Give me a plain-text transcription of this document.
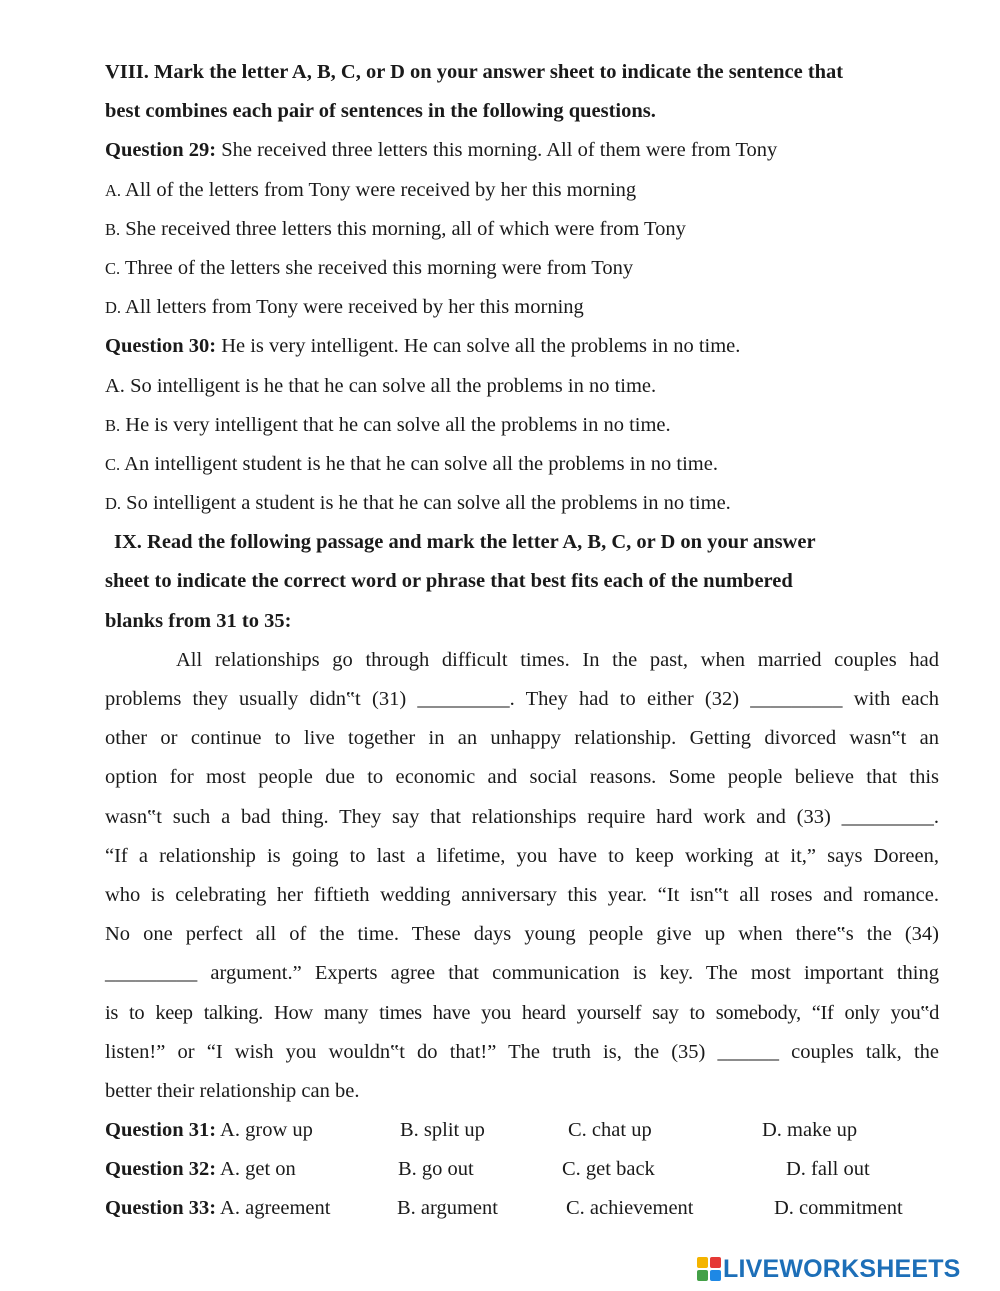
VIII. Mark the letter A, B, C, or D on your answer sheet to indicate the sentence that
best combines each pair of sentences in the following questions.
Question 29: She received three letters this morning. All of them were from Tony
A. All of the letters from Tony were received by her this morning
B. She received three letters this morning, all of which were from Tony
C. Three of the letters she received this morning were from Tony
D. All letters from Tony were received by her this morning
Question 30: He is very intelligent. He can solve all the problems in no time.
A. So intelligent is he that he can solve all the problems in no time.
B. He is very intelligent that he can solve all the problems in no time.
C. An intelligent student is he that he can solve all the problems in no time.
D. So intelligent a student is he that he can solve all the problems in no time.
IX. Read the following passage and mark the letter A, B, C, or D on your answer
sheet to indicate the correct word or phrase that best fits each of the numbered
blanks from 31 to 35:
All relationships go through difficult times. In the past, when married couples had
problems they usually didn‟t (31) _________. They had to either (32) _________ with each
other or continue to live together in an unhappy relationship. Getting divorced wasn‟t an
option for most people due to economic and social reasons. Some people believe that this
wasn‟t such a bad thing. They say that relationships require hard work and (33) _________.
“If a relationship is going to last a lifetime, you have to keep working at it,” says Doreen,
who is celebrating her fiftieth wedding anniversary this year. “It isn‟t all roses and romance.
No one perfect all of the time. These days young people give up when there‟s the (34)
_________ argument.” Experts agree that communication is key. The most important thing
is to keep talking. How many times have you heard yourself say to somebody, “If only you‟d
listen!” or “I wish you wouldn‟t do that!” The truth is, the (35) ______ couples talk, the
better their relationship can be.
Question 31: A. grow up	B. split up	C. chat up	D. make up
Question 32: A. get on	B. go out	C. get back	D. fall out
Question 33: A. agreement	B. argument	C. achievement	D. commitment
LIVEWORKSHEETS
